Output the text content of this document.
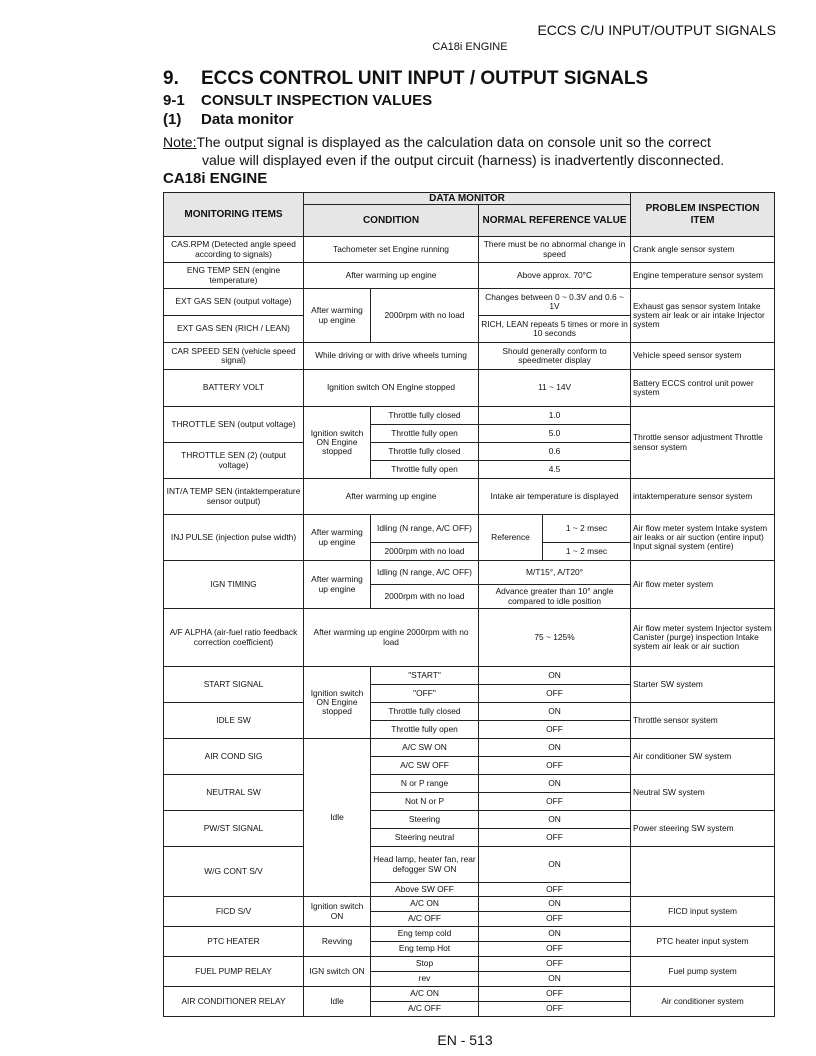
ECCS C/U INPUT/OUTPUT SIGNALS
CA18i ENGINE
9. ECCS CONTROL UNIT INPUT / OUTPUT SIGNALS
9-1 CONSULT INSPECTION VALUES
(1) Data monitor
Note:The output signal is displayed as the calculation data on console unit so the correct
value will displayed even if the output circuit (harness) is inadvertently disconnected.
CA18i ENGINE
MONITORING ITEMS	DATA MONITOR				PROBLEM INSPECTION ITEM
	CONDITION		NORMAL REFERENCE VALUE		
CAS.RPM (Detected angle speed according to signals)	Tachometer set Engine running		There must be no abnormal change in speed		Crank angle sensor system
ENG TEMP SEN (engine temperature)	After warming up engine		Above approx. 70°C		Engine temperature sensor system
EXT GAS SEN (output voltage)	After warming up engine	2000rpm with no load	Changes between 0 ~ 0.3V and 0.6 ~ 1V		Exhaust gas sensor system Intake system air leak or air intake Injector system
EXT GAS SEN (RICH / LEAN)			RICH, LEAN repeats 5 times or more in 10 seconds		
CAR SPEED SEN (vehicle speed signal)	While driving or with drive wheels turning		Should generally conform to speedmeter display		Vehicle speed sensor system
BATTERY VOLT	Ignition switch ON Engine stopped		11 ~ 14V		Battery ECCS control unit power system
THROTTLE SEN (output voltage)	Ignition switch ON Engine stopped	Throttle fully closed	1.0		Throttle sensor adjustment Throttle sensor system
		Throttle fully open	5.0		
THROTTLE SEN (2) (output voltage)		Throttle fully closed	0.6		
		Throttle fully open	4.5		
INT/A TEMP SEN (intaktemperature sensor output)	After warming up engine		Intake air temperature is displayed		intaktemperature sensor system
INJ PULSE (injection pulse width)	After warming up engine	Idling (N range, A/C OFF)	Reference	1 ~ 2 msec	Air flow meter system Intake system air leaks or air suction (entire input) Input signal system (entire)
		2000rpm with no load		1 ~ 2 msec	
IGN TIMING	After warming up engine	Idling (N range, A/C OFF)	M/T15°, A/T20°		Air flow meter system
		2000rpm with no load	Advance greater than 10° angle compared to idle position		
A/F ALPHA (air-fuel ratio feedback correction coefficient)	After warming up engine 2000rpm with no load		75 ~ 125%		Air flow meter system Injector system Canister (purge) inspection Intake system air leak or air suction
START SIGNAL	Ignition switch ON Engine stopped	"START"	ON		Starter SW system
		"OFF"	OFF		
IDLE SW		Throttle fully closed	ON		Throttle sensor system
		Throttle fully open	OFF		
AIR COND SIG	Idle	A/C SW ON	ON		Air conditioner SW system
		A/C SW OFF	OFF		
NEUTRAL SW		N or P range	ON		Neutral SW system
		Not N or P	OFF		
PW/ST SIGNAL		Steering	ON		Power steering SW system
		Steering neutral	OFF		
W/G CONT S/V		Head lamp, heater fan, rear defogger SW ON	ON		
		Above SW OFF	OFF		
FICD S/V	Ignition switch ON	A/C ON	ON		FICD input system
		A/C OFF	OFF		
PTC HEATER	Revving	Eng temp cold	ON		PTC heater input system
		Eng temp Hot	OFF		
FUEL PUMP RELAY	IGN switch ON	Stop	OFF		Fuel pump system
		rev	ON		
AIR CONDITIONER RELAY	Idle	A/C ON	OFF		Air conditioner system
		A/C OFF	OFF		
EN - 513
